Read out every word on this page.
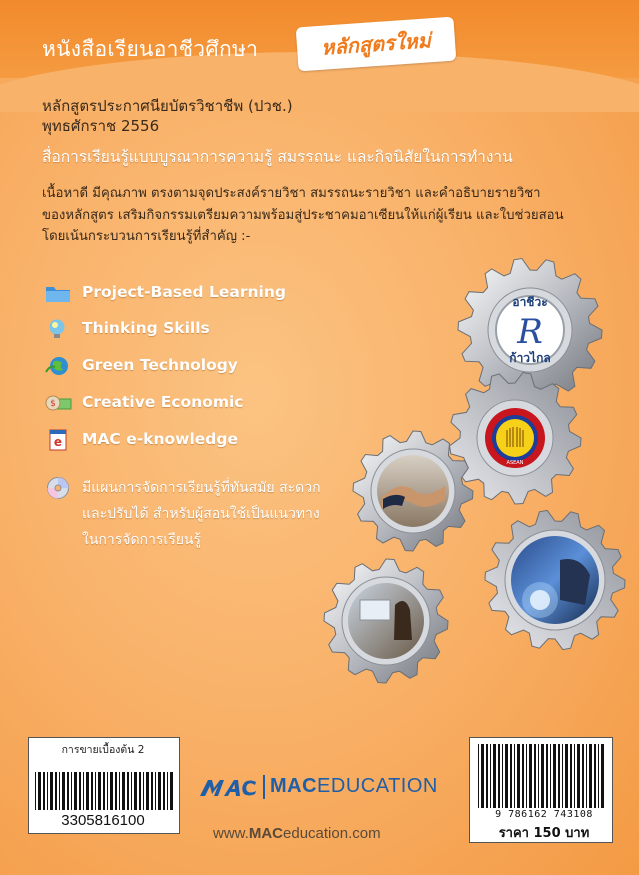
หนังสือเรียนอาชีวศึกษา	หลักสูตรใหม่
หลักสูตรประกาศนียบัตรวิชาชีพ (ปวช.)
พุทธศักราช 2556
สื่อการเรียนรู้แบบบูรณาการความรู้ สมรรถนะ และกิจนิสัยในการทำงาน
เนื้อหาดี มีคุณภาพ ตรงตามจุดประสงค์รายวิชา สมรรถนะรายวิชา และคำอธิบายรายวิชา
ของหลักสูตร เสริมกิจกรรมเตรียมความพร้อมสู่ประชาคมอาเซียนให้แก่ผู้เรียน และใบช่วยสอน
โดยเน้นกระบวนการเรียนรู้ที่สำคัญ :-
Project-Based Learning
Thinking Skills
Green Technology
$ Creative Economic
e MAC e-knowledge
มีแผนการจัดการเรียนรู้ที่ทันสมัย สะดวก
และปรับได้ สำหรับผู้สอนใช้เป็นแนวทาง
ในการจัดการเรียนรู้
อาชีวะ
R
ก้าวไกล
ASEAN
การขายเบื้องต้น 2
3305816100	9 786162 743108
ราคา 150 บาท
MACEDUCATION
www.MACeducation.com
